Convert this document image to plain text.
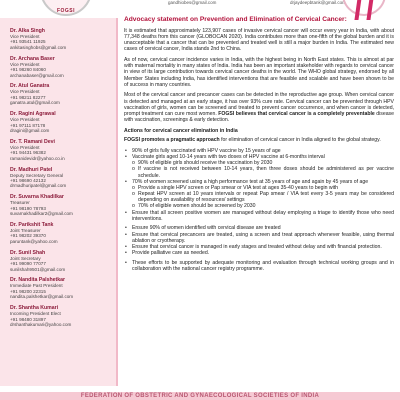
FOGSI
gandhiobes@gmail.com	drjaydeepbtank@gmail.com
Dr. Alka Singh
Vice President
+91 93541 11925
ankitasinghobs@gmail.com
Dr. Archana Baser
Vice President
+91 98260 84060
archanabaser@gmail.com
Dr. Atul Ganatra
Vice President
+91 98211 82277
ganatra.atul@gmail.com
Dr. Ragini Agrawal
Vice President
+91 97111 87178
dragini@gmail.com
Dr. T. Ramani Devi
Vice President
+91 94431 96382
ramanidevidr@yahoo.co.in
Dr. Madhuri Patel
Deputy Secretary General
+91 98690 42132
drmadhuripatel@gmail.com
Dr. Suvarna Khadilkar
Treasurer
+91 98190 78793
suvarnakhadilkar2@gmail.com
Dr. Parikshit Tank
Joint Treasurer
+91 98202 39370
paruntank@yahoo.com
Dr. Sunil Shah
Joint Secretary
+91 99090 77077
sunilshah9501@gmail.com
Dr. Nandita Palshetkar
Immediate Past President
+91 98200 22315
nandita.palshetkar@gmail.com
Dr. Shantha Kumari
Incoming President Elect
+91 98480 31897
drshanthakumari@yahoo.com
Advocacy statement on Prevention and Elimination of Cervical Cancer:

It is estimated that approximately 123,907 cases of invasive cervical cancer will occur every year in India, with about 77,348 deaths from this cancer (GLOBOCAN 2020). India contributes more than one-fifth of the global burden and it is unacceptable that a cancer that can be prevented and treated well is still a major burden in India. The estimated new cases of cervical cancer, India stands 2nd to China.

As of now, cervical cancer incidence varies in India, with the highest being in North East states. This is almost at par with maternal mortality in many states of India. India has been an important stakeholder with regards to cervical cancer in view of its large contribution towards cervical cancer deaths in the world. The WHO global strategy, endorsed by all Member States including India, has identified interventions that are feasible and scalable and have been shown to be of success in many countries.

Most of the cervical cancer and precancer cases can be detected in the reproductive age group. When cervical cancer is detected and managed at an early stage, it has over 93% cure rate. Cervical cancer can be prevented through HPV vaccination of girls, women can be screened and treated to prevent cancer occurrence, and when cancer is detected, prompt treatment can cure most women. FOGSI believes that cervical cancer is a completely preventable disease with vaccination, screenings & early detection.

Actions for cervical cancer elimination in India

FOGSI promotes a pragmatic approach for elimination of cervical cancer in India aligned to the global strategy.

• 90% of girls fully vaccinated with HPV vaccine by 15 years of age
• Vaccinate girls aged 10-14 years with two doses of HPV vaccine at 6-months interval
o 90% of eligible girls should receive the vaccination by 2030
o If vaccine is not received between 10-14 years, then three doses should be administered as per vaccine schedule.
• 70% of women screened using a high performance test at 35 years of age and again by 45 years of age
o Provide a single HPV screen or Pap smear or VIA test at ages 35-40 years to begin with
o Repeat HPV screen at 10 years intervals or repeat Pap smear / VIA test every 3-5 years may be considered depending on availability of resources/ settings
o 70% of eligible women should be screened by 2030
• Ensure that all screen positive women are managed without delay employing a triage to identify those who need interventions.
• Ensure 90% of women identified with cervical disease are treated
• Ensure that cervical precancers are treated, using a screen and treat approach whenever feasible, using thermal ablation or cryotherapy.
• Ensure that cervical cancer is managed in early stages and treated without delay and with financial protection.
• Provide palliative care as needed.
• These efforts to be supported by adequate monitoring and evaluation through technical working groups and in collaboration with the national cancer registry programme.
FEDERATION OF OBSTETRIC AND GYNAECOLOGICAL SOCIETIES OF INDIA
